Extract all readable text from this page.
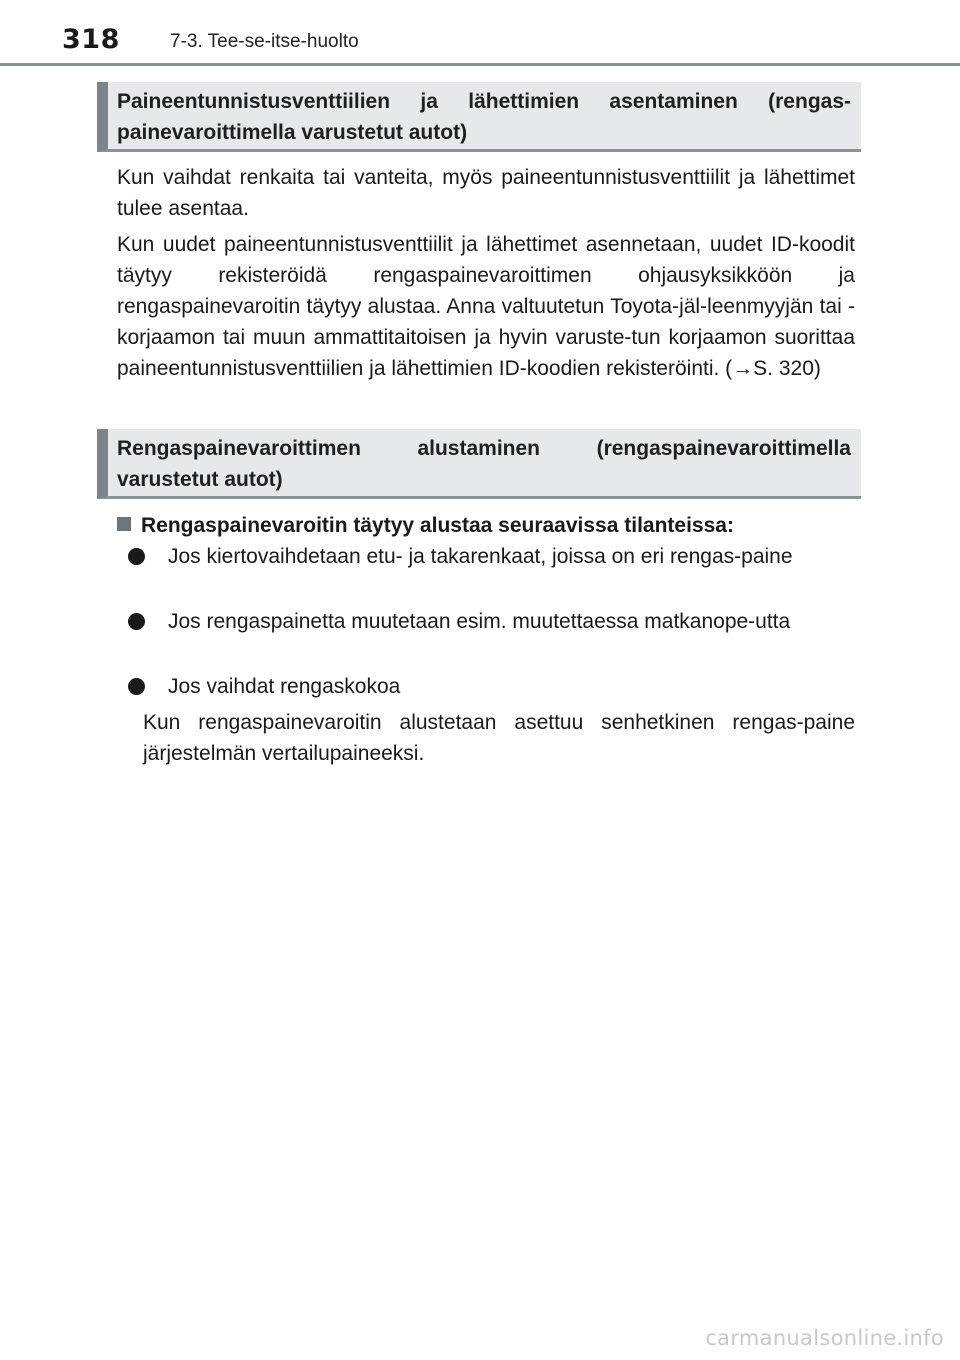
318	7-3. Tee-se-itse-huolto
Paineentunnistusventtiilien ja lähettimien asentaminen (rengas-painevaroittimella varustetut autot)

Kun vaihdat renkaita tai vanteita, myös paineentunnistusventtiilit ja lähettimet tulee asentaa.

Kun uudet paineentunnistusventtiilit ja lähettimet asennetaan, uudet ID-koodit täytyy rekisteröidä rengaspainevaroittimen ohjausyksikköön ja rengaspainevaroitin täytyy alustaa. Anna valtuutetun Toyota-jäl-leenmyyjän tai -korjaamon tai muun ammattitaitoisen ja hyvin varuste-tun korjaamon suorittaa paineentunnistusventtiilien ja lähettimien ID-koodien rekisteröinti. (→S. 320)

Rengaspainevaroittimen alustaminen (rengaspainevaroittimella varustetut autot)
Rengaspainevaroitin täytyy alustaa seuraavissa tilanteissa:
Jos kiertovaihdetaan etu- ja takarenkaat, joissa on eri rengas-paine
Jos rengaspainetta muutetaan esim. muutettaessa matkanope-utta
Jos vaihdat rengaskokoa

Kun rengaspainevaroitin alustetaan asettuu senhetkinen rengas-paine järjestelmän vertailupaineeksi.

carmanualsonline.info
